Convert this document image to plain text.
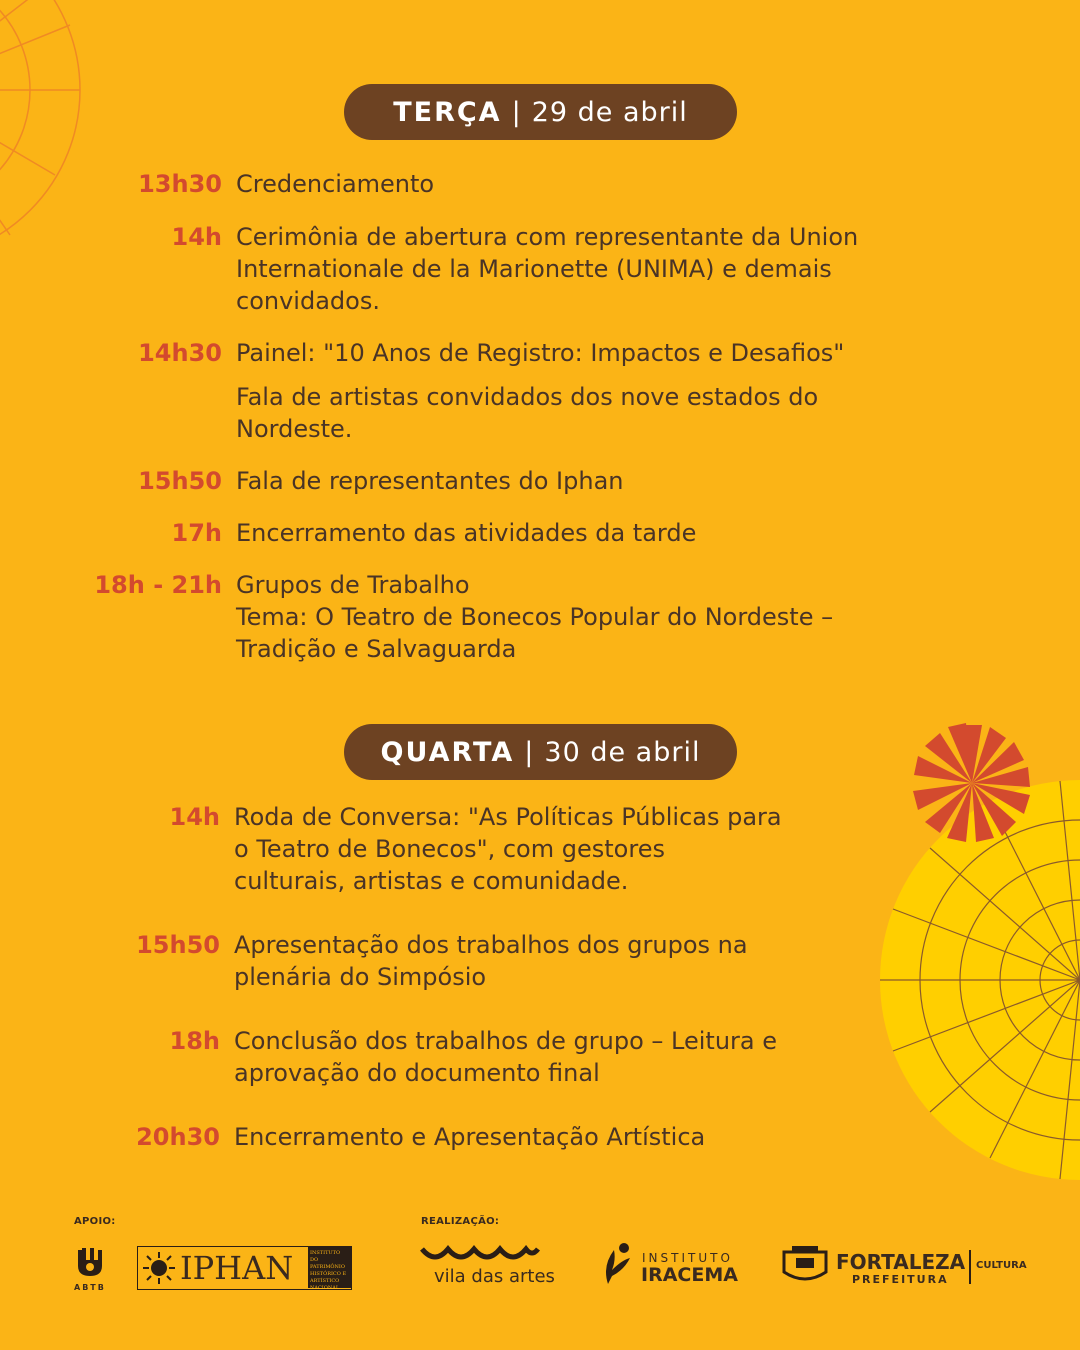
TERÇA | 29 de abril
13h30 Credenciamento
14h Cerimônia de abertura com representante da Union
Internationale de la Marionette (UNIMA) e demais
convidados.
14h30 Painel: "10 Anos de Registro: Impactos e Desafios"
Fala de artistas convidados dos nove estados do
Nordeste.
15h50 Fala de representantes do Iphan
17h Encerramento das atividades da tarde
18h - 21h Grupos de Trabalho
Tema: O Teatro de Bonecos Popular do Nordeste –
Tradição e Salvaguarda
QUARTA | 30 de abril
14h Roda de Conversa: "As Políticas Públicas para
o Teatro de Bonecos", com gestores
culturais, artistas e comunidade.
15h50 Apresentação dos trabalhos dos grupos na
plenária do Simpósio
18h Conclusão dos trabalhos de grupo – Leitura e
aprovação do documento final
20h30 Encerramento e Apresentação Artística
APOIO:	REALIZAÇÃO:
ABTB
IPHAN	INSTITUTO DO
PATRIMÔNIO
HISTÓRICO E
ARTÍSTICO
NACIONAL
vila das artes
INSTITUTO
IRACEMA
FORTALEZA
PREFEITURA
CULTURA
